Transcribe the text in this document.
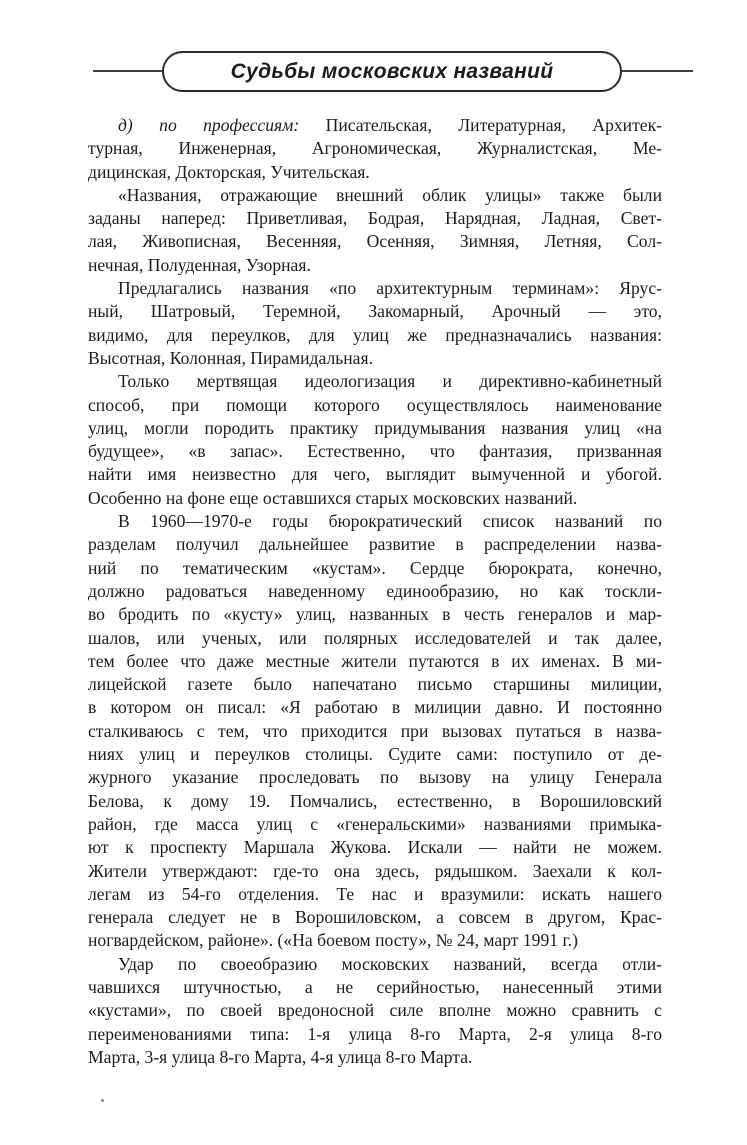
Судьбы московских названий
д) по профессиям: Писательская, Литературная, Архитек-
турная, Инженерная, Агрономическая, Журналистская, Ме-
дицинская, Докторская, Учительская.
«Названия, отражающие внешний облик улицы» также были
заданы наперед: Приветливая, Бодрая, Нарядная, Ладная, Свет-
лая, Живописная, Весенняя, Осенняя, Зимняя, Летняя, Сол-
нечная, Полуденная, Узорная.
Предлагались названия «по архитектурным терминам»: Ярус-
ный, Шатровый, Теремной, Закомарный, Арочный — это,
видимо, для переулков, для улиц же предназначались названия:
Высотная, Колонная, Пирамидальная.
Только мертвящая идеологизация и директивно-кабинетный
способ, при помощи которого осуществлялось наименование
улиц, могли породить практику придумывания названия улиц «на
будущее», «в запас». Естественно, что фантазия, призванная
найти имя неизвестно для чего, выглядит вымученной и убогой.
Особенно на фоне еще оставшихся старых московских названий.
В 1960—1970-е годы бюрократический список названий по
разделам получил дальнейшее развитие в распределении назва-
ний по тематическим «кустам». Сердце бюрократа, конечно,
должно радоваться наведенному единообразию, но как тоскли-
во бродить по «кусту» улиц, названных в честь генералов и мар-
шалов, или ученых, или полярных исследователей и так далее,
тем более что даже местные жители путаются в их именах. В ми-
лицейской газете было напечатано письмо старшины милиции,
в котором он писал: «Я работаю в милиции давно. И постоянно
сталкиваюсь с тем, что приходится при вызовах путаться в назва-
ниях улиц и переулков столицы. Судите сами: поступило от де-
журного указание проследовать по вызову на улицу Генерала
Белова, к дому 19. Помчались, естественно, в Ворошиловский
район, где масса улиц с «генеральскими» названиями примыка-
ют к проспекту Маршала Жукова. Искали — найти не можем.
Жители утверждают: где-то она здесь, рядышком. Заехали к кол-
легам из 54-го отделения. Те нас и вразумили: искать нашего
генерала следует не в Ворошиловском, а совсем в другом, Крас-
ногвардейском, районе». («На боевом посту», № 24, март 1991 г.)
Удар по своеобразию московских названий, всегда отли-
чавшихся штучностью, а не серийностью, нанесенный этими
«кустами», по своей вредоносной силе вполне можно сравнить с
переименованиями типа: 1-я улица 8-го Марта, 2-я улица 8-го
Марта, 3-я улица 8-го Марта, 4-я улица 8-го Марта.
